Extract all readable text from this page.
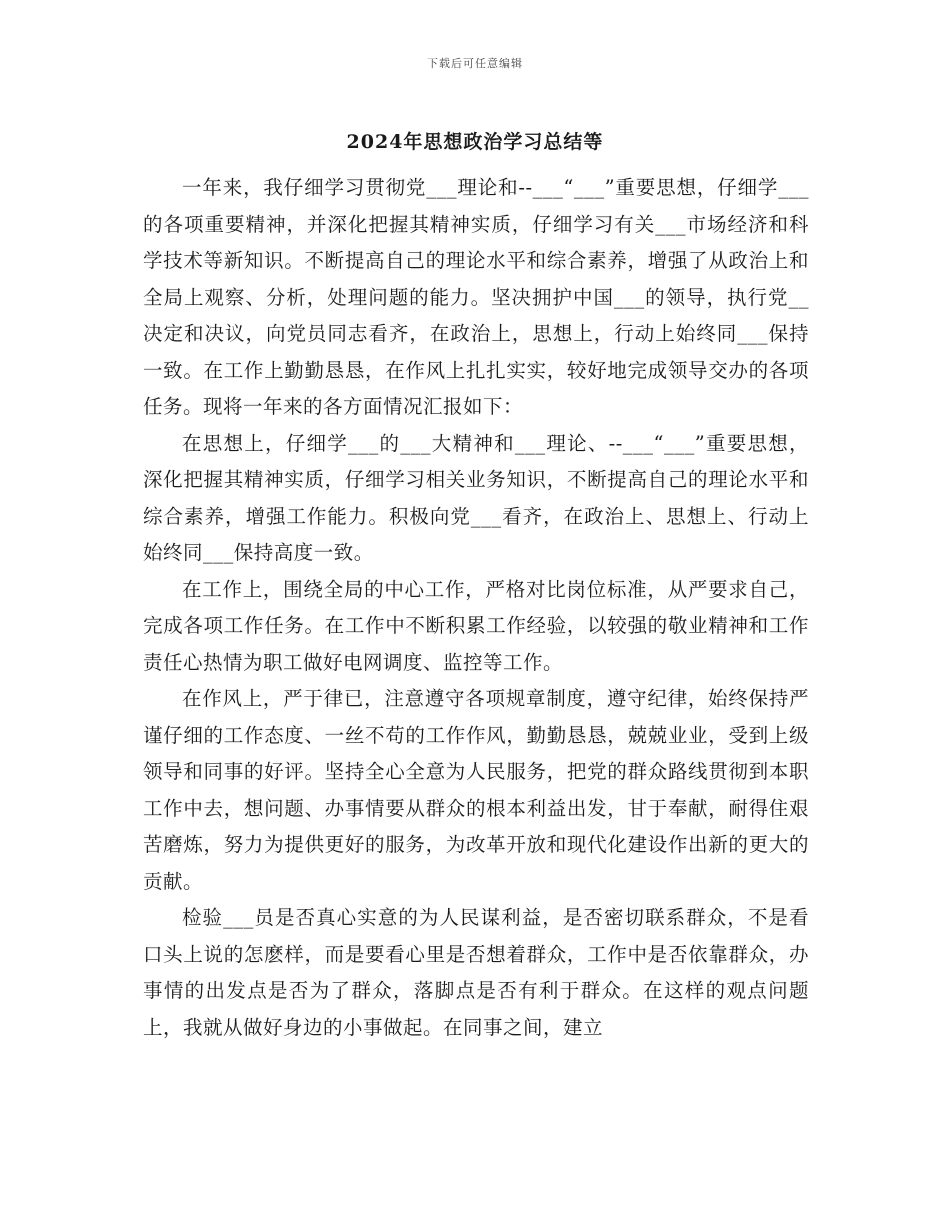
下载后可任意编辑
2024年思想政治学习总结等

一年来，我仔细学习贯彻党___理论和--___“___”重要思想，仔细学___的各项重要精神，并深化把握其精神实质，仔细学习有关___市场经济和科学技术等新知识。不断提高自己的理论水平和综合素养，增强了从政治上和全局上观察、分析，处理问题的能力。坚决拥护中国___的领导，执行党__决定和决议，向党员同志看齐，在政治上，思想上，行动上始终同___保持一致。在工作上勤勤恳恳，在作风上扎扎实实，较好地完成领导交办的各项任务。现将一年来的各方面情况汇报如下：

在思想上，仔细学___的___大精神和___理论、--___“___”重要思想，深化把握其精神实质，仔细学习相关业务知识，不断提高自己的理论水平和综合素养，增强工作能力。积极向党___看齐，在政治上、思想上、行动上始终同___保持高度一致。

在工作上，围绕全局的中心工作，严格对比岗位标准，从严要求自己，完成各项工作任务。在工作中不断积累工作经验，以较强的敬业精神和工作责任心热情为职工做好电网调度、监控等工作。

在作风上，严于律已，注意遵守各项规章制度，遵守纪律，始终保持严谨仔细的工作态度、一丝不苟的工作作风，勤勤恳恳，兢兢业业，受到上级领导和同事的好评。坚持全心全意为人民服务，把党的群众路线贯彻到本职工作中去，想问题、办事情要从群众的根本利益出发，甘于奉献，耐得住艰苦磨炼，努力为提供更好的服务，为改革开放和现代化建设作出新的更大的贡献。

检验___员是否真心实意的为人民谋利益，是否密切联系群众，不是看口头上说的怎麽样，而是要看心里是否想着群众，工作中是否依靠群众，办事情的出发点是否为了群众，落脚点是否有利于群众。在这样的观点问题上，我就从做好身边的小事做起。在同事之间，建立
